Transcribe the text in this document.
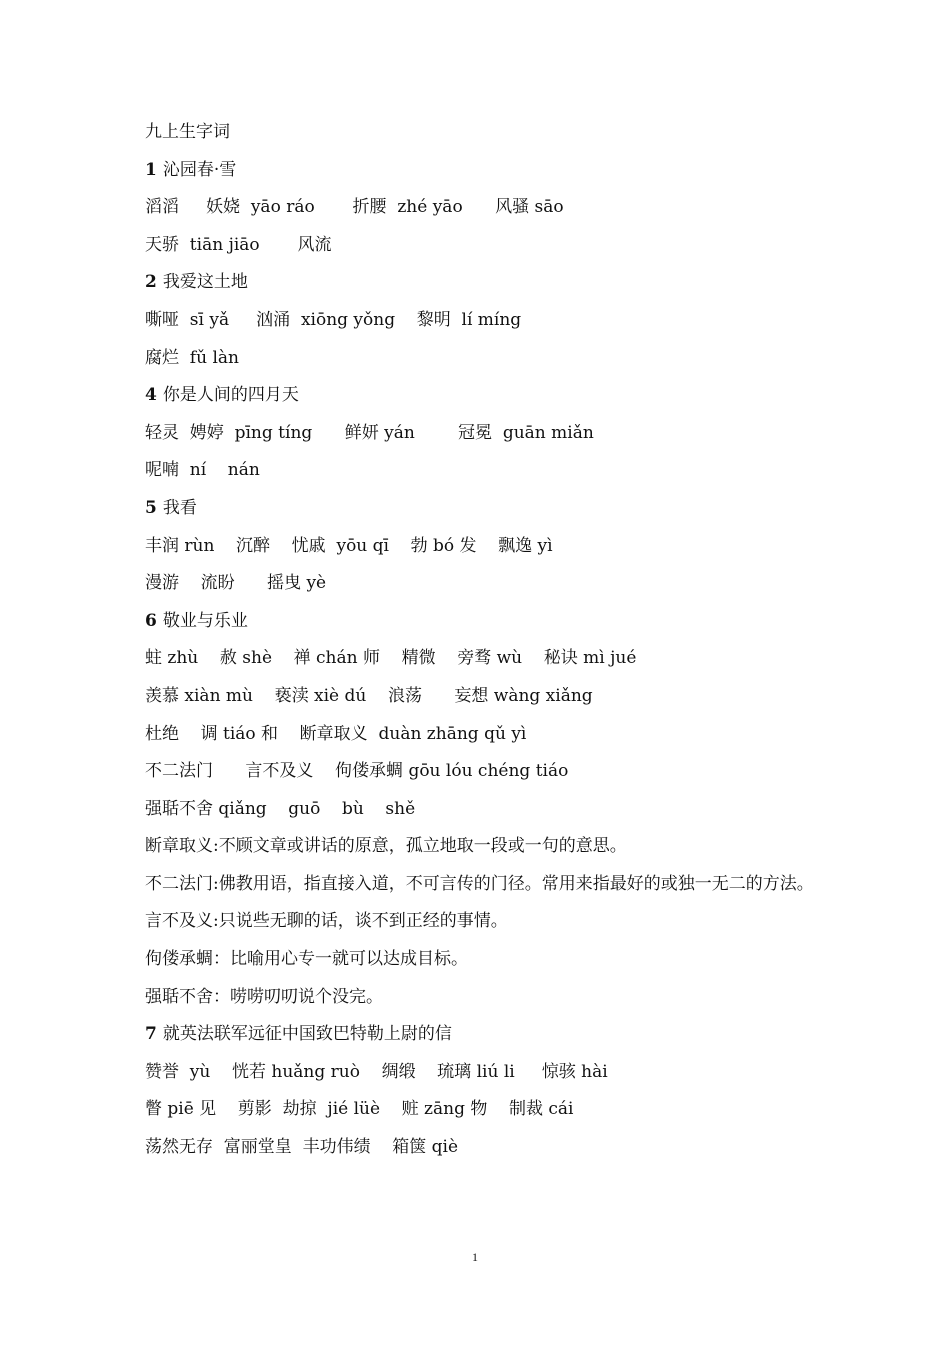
九上生字词
1 沁园春·雪
滔滔     妖娆  yāo ráo       折腰  zhé yāo      风骚 sāo
天骄  tiān jiāo       风流
2 我爱这土地
嘶哑  sī yǎ     汹涌  xiōng yǒng    黎明  lí míng
腐烂  fǔ làn
4 你是人间的四月天
轻灵  娉婷  pīng tíng      鲜妍 yán        冠冕  guān miǎn
呢喃  ní    nán
5 我看
丰润 rùn    沉醉    忧戚  yōu qī    勃 bó 发    飘逸 yì
漫游    流盼      摇曳 yè
6 敬业与乐业
蛀 zhù    赦 shè    禅 chán 师    精微    旁骛 wù    秘诀 mì jué
羡慕 xiàn mù    亵渎 xiè dú    浪荡      妄想 wàng xiǎng
杜绝    调 tiáo 和    断章取义  duàn zhāng qǔ yì
不二法门      言不及义    佝偻承蜩 gōu lóu chéng tiáo
强聒不舍 qiǎng    guō    bù    shě
断章取义:不顾文章或讲话的原意，孤立地取一段或一句的意思。
不二法门:佛教用语，指直接入道，不可言传的门径。常用来指最好的或独一无二的方法。
言不及义:只说些无聊的话，谈不到正经的事情。
佝偻承蜩：比喻用心专一就可以达成目标。
强聒不舍：唠唠叨叨说个没完。
7 就英法联军远征中国致巴特勒上尉的信
赞誉  yù    恍若 huǎng ruò    绸缎    琉璃 liú li     惊骇 hài
瞥 piē 见    剪影  劫掠  jié lüè    赃 zāng 物    制裁 cái
荡然无存  富丽堂皇  丰功伟绩    箱箧 qiè
1
